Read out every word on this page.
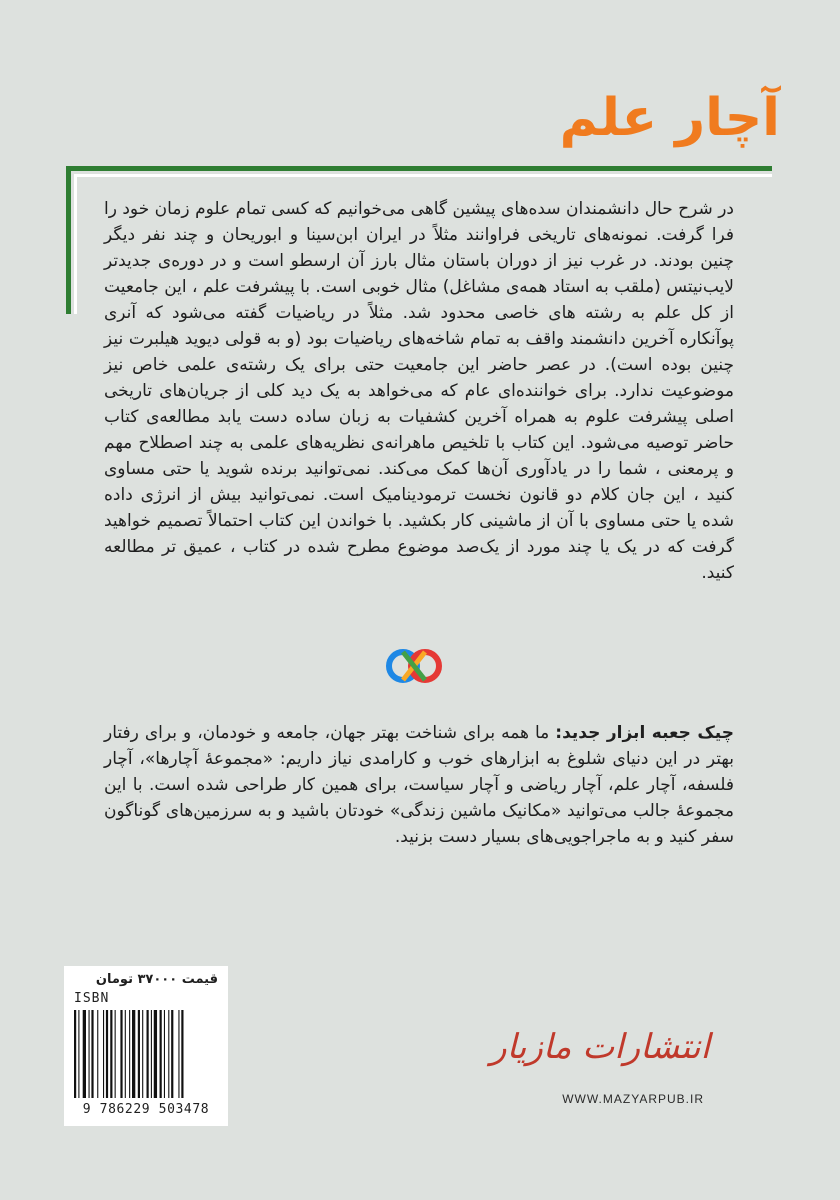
آچار علم

در شرح حال دانشمندان سده‌های پیشین گاهی می‌خوانیم که کسی تمام علوم زمان خود را فرا گرفت. نمونه‌های تاریخی فراوانند مثلاً در ایران ابن‌سینا و ابوریحان و چند نفر دیگر چنین بودند. در غرب نیز از دوران باستان مثال بارز آن ارسطو است و در دوره‌ی جدیدتر لایب‌نیتس (ملقب به استاد همه‌ی مشاغل) مثال خوبی است. با پیشرفت علم ، این جامعیت از کل علم به رشته های خاصی محدود شد. مثلاً در ریاضیات گفته می‌شود که آنری پوآنکاره آخرین دانشمند واقف به تمام شاخه‌های ریاضیات بود (و به قولی دیوید هیلبرت نیز چنین بوده است). در عصر حاضر این جامعیت حتی برای یک رشته‌ی علمی خاص نیز موضوعیت ندارد. برای خواننده‌ای عام که می‌خواهد به یک دید کلی از جریان‌های تاریخی اصلی پیشرفت علوم به همراه آخرین کشفیات به زبان ساده دست یابد مطالعه‌ی کتاب حاضر توصیه می‌شود. این کتاب با تلخیص ماهرانه‌ی نظریه‌های علمی به چند اصطلاح مهم و پرمعنی ، شما را در یادآوری آن‌ها کمک می‌کند. نمی‌توانید برنده شوید یا حتی مساوی کنید ، این جان کلام دو قانون نخست ترمودینامیک است. نمی‌توانید بیش از انرژی داده شده یا حتی مساوی با آن از ماشینی کار بکشید. با خواندن این کتاب احتمالاً تصمیم خواهید گرفت که در یک یا چند مورد از یک‌صد موضوع مطرح شده در کتاب ، عمیق تر مطالعه کنید.

چیک جعبه ابزار جدید: ما همه برای شناخت بهتر جهان، جامعه و خودمان، و برای رفتار بهتر در این دنیای شلوغ به ابزارهای خوب و کارامدی نیاز داریم: «مجموعهٔ آچارها»، آچار فلسفه، آچار علم، آچار ریاضی و آچار سیاست، برای همین کار طراحی شده است. با این مجموعهٔ جالب می‌توانید «مکانیک ماشین زندگی» خودتان باشید و به سرزمین‌های گوناگون سفر کنید و به ماجراجویی‌های بسیار دست بزنید.

قیمت ۳۷۰۰۰ تومان
ISBN
9 786229 503478
انتشارات مازیار
WWW.MAZYARPUB.IR
